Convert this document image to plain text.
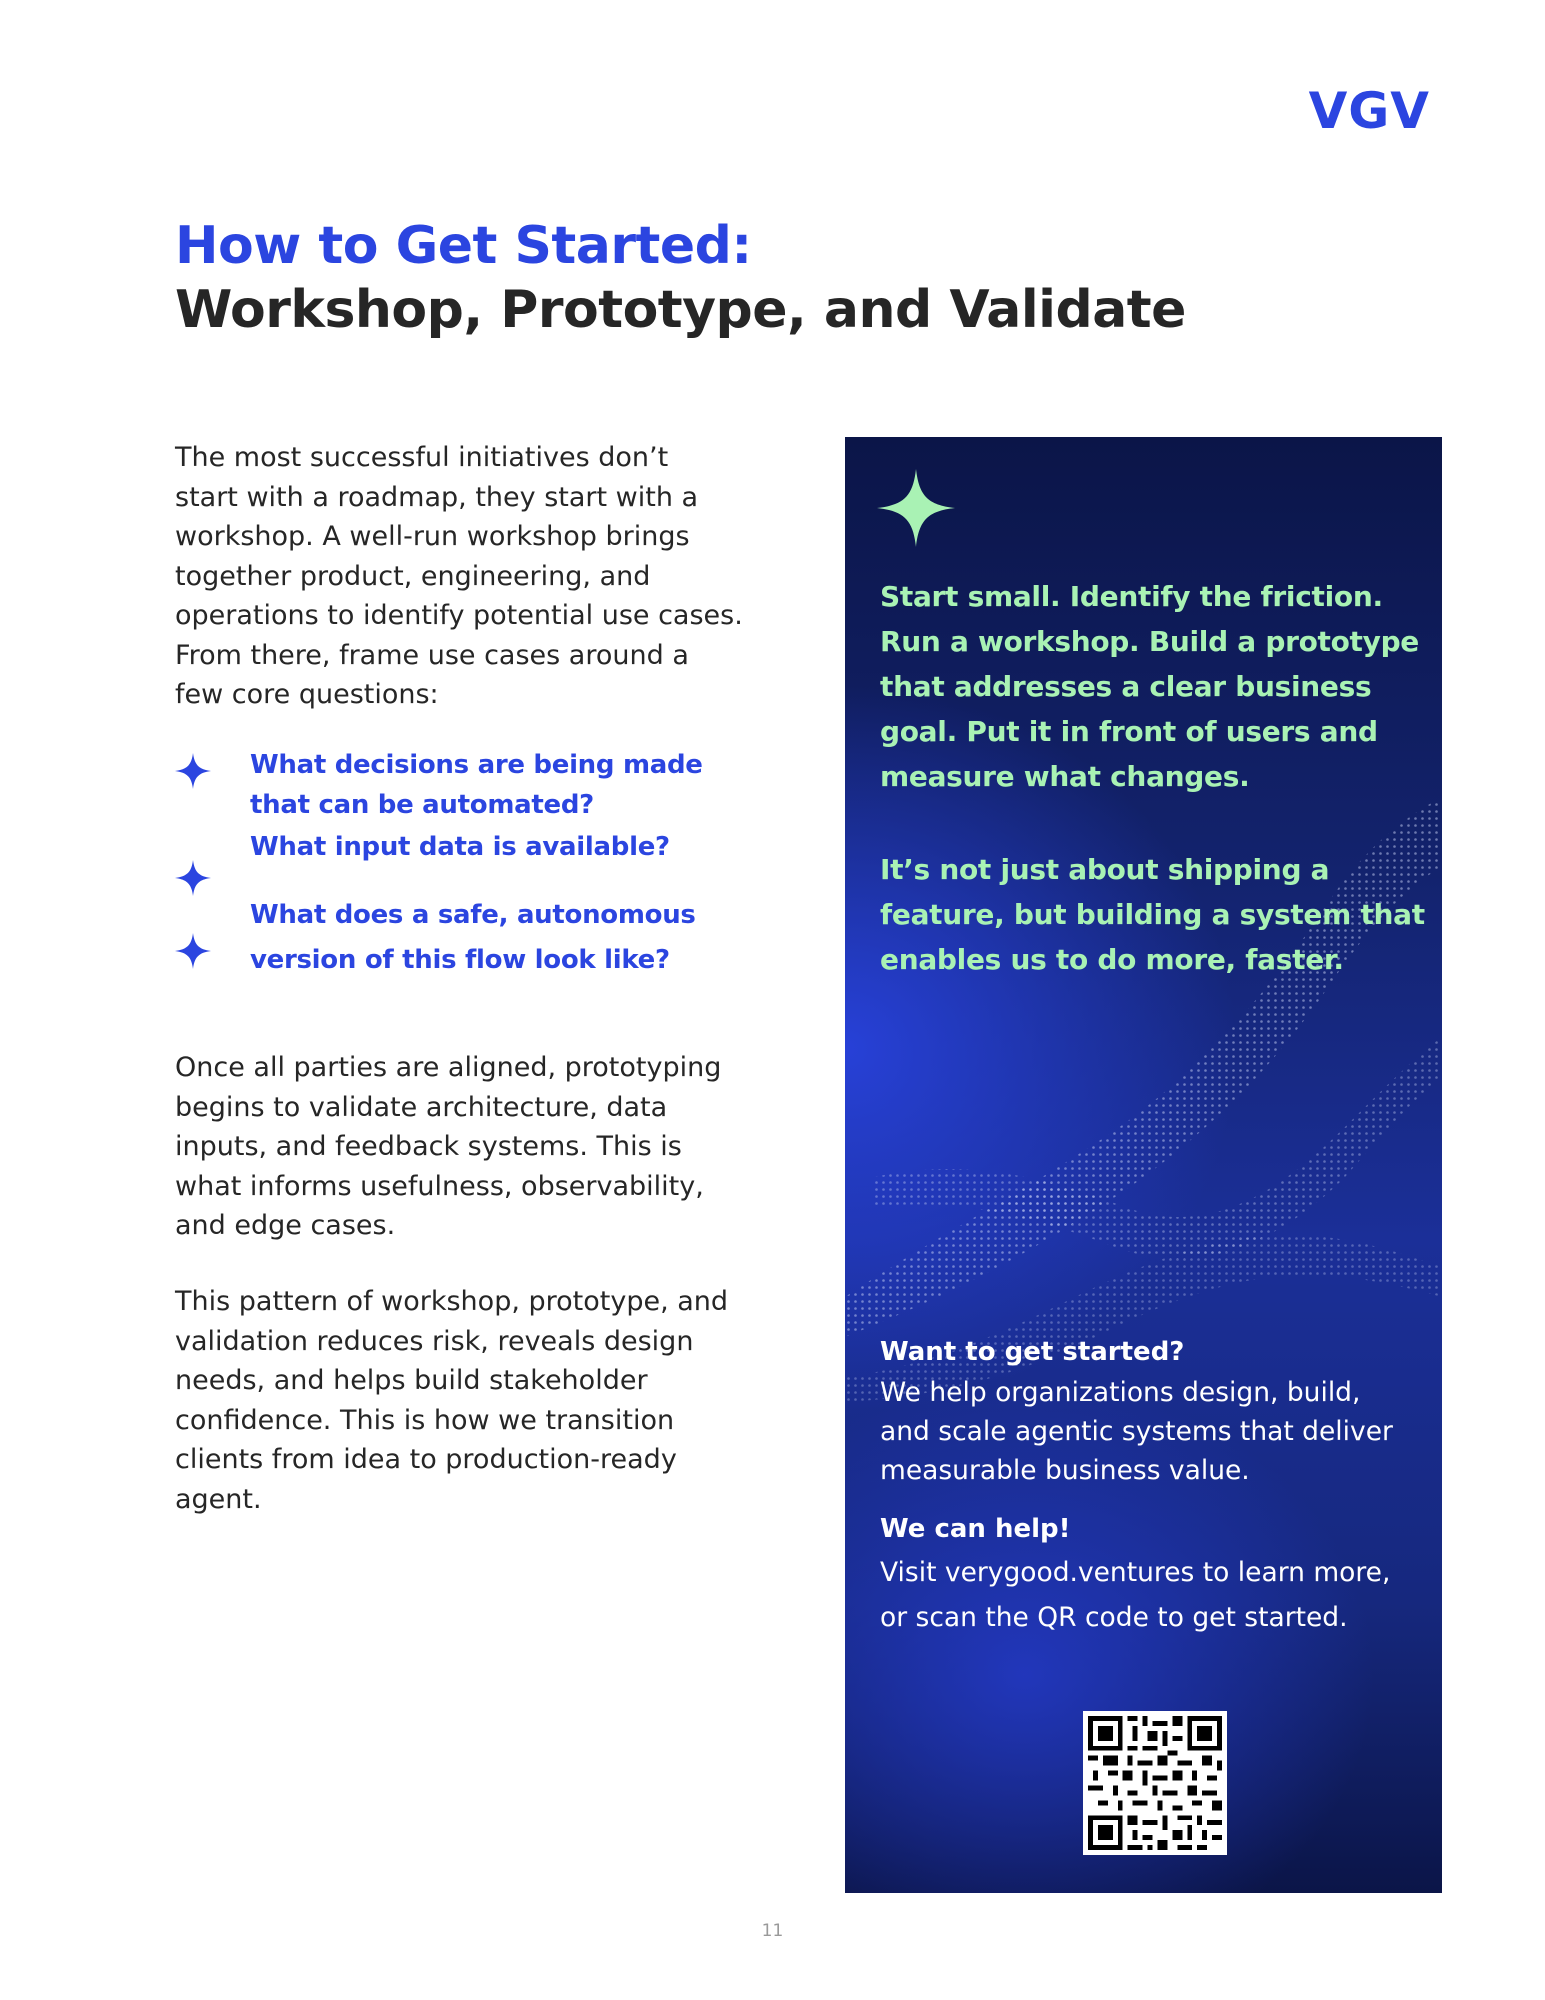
VGV
How to Get Started:
Workshop, Prototype, and Validate

The most successful initiatives don’t

start with a roadmap, they start with a

workshop. A well-run workshop brings

together product, engineering, and

operations to identify potential use cases.

From there, frame use cases around a

few core questions:

What decisions are being made
that can be automated?
What input data is available?
What does a safe, autonomous
version of this flow look like?

Once all parties are aligned, prototyping

begins to validate architecture, data

inputs, and feedback systems. This is

what informs usefulness, observability,

and edge cases.

This pattern of workshop, prototype, and

validation reduces risk, reveals design

needs, and helps build stakeholder

confidence. This is how we transition

clients from idea to production-ready

agent.

Start small. Identify the friction.
Run a workshop. Build a prototype
that addresses a clear business
goal. Put it in front of users and
measure what changes.
It’s not just about shipping a
feature, but building a system that
enables us to do more, faster.

Want to get started?

We help organizations design, build,
and scale agentic systems that deliver
measurable business value.

We can help!

Visit verygood.ventures to learn more,
or scan the QR code to get started.
11
